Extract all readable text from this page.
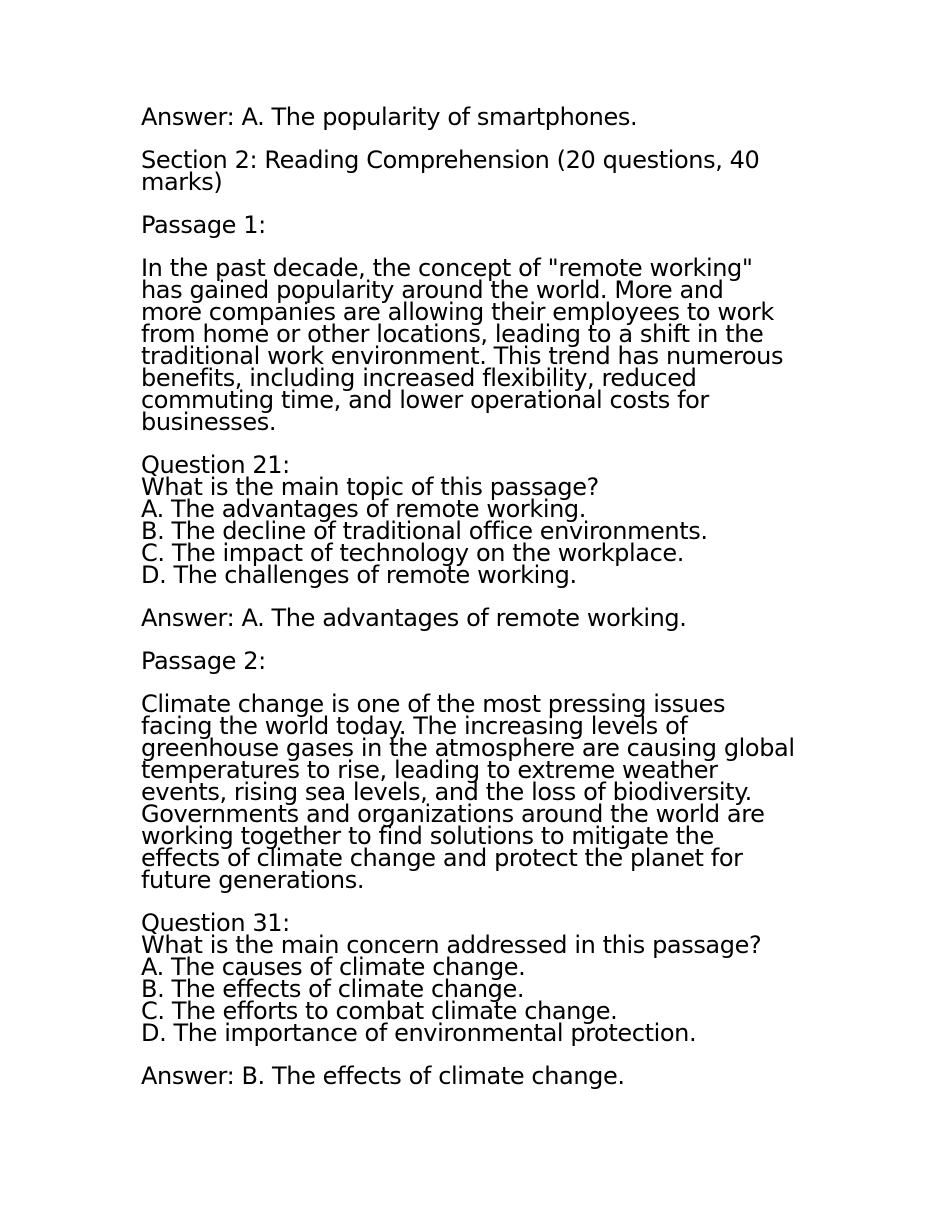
Answer: A. The popularity of smartphones.

Section 2: Reading Comprehension (20 questions, 40
marks)

Passage 1:

In the past decade, the concept of "remote working"
has gained popularity around the world. More and
more companies are allowing their employees to work
from home or other locations, leading to a shift in the
traditional work environment. This trend has numerous
benefits, including increased flexibility, reduced
commuting time, and lower operational costs for
businesses.

Question 21:
What is the main topic of this passage?
A. The advantages of remote working.
B. The decline of traditional office environments.
C. The impact of technology on the workplace.
D. The challenges of remote working.

Answer: A. The advantages of remote working.

Passage 2:

Climate change is one of the most pressing issues
facing the world today. The increasing levels of
greenhouse gases in the atmosphere are causing global
temperatures to rise, leading to extreme weather
events, rising sea levels, and the loss of biodiversity.
Governments and organizations around the world are
working together to find solutions to mitigate the
effects of climate change and protect the planet for
future generations.

Question 31:
What is the main concern addressed in this passage?
A. The causes of climate change.
B. The effects of climate change.
C. The efforts to combat climate change.
D. The importance of environmental protection.

Answer: B. The effects of climate change.
